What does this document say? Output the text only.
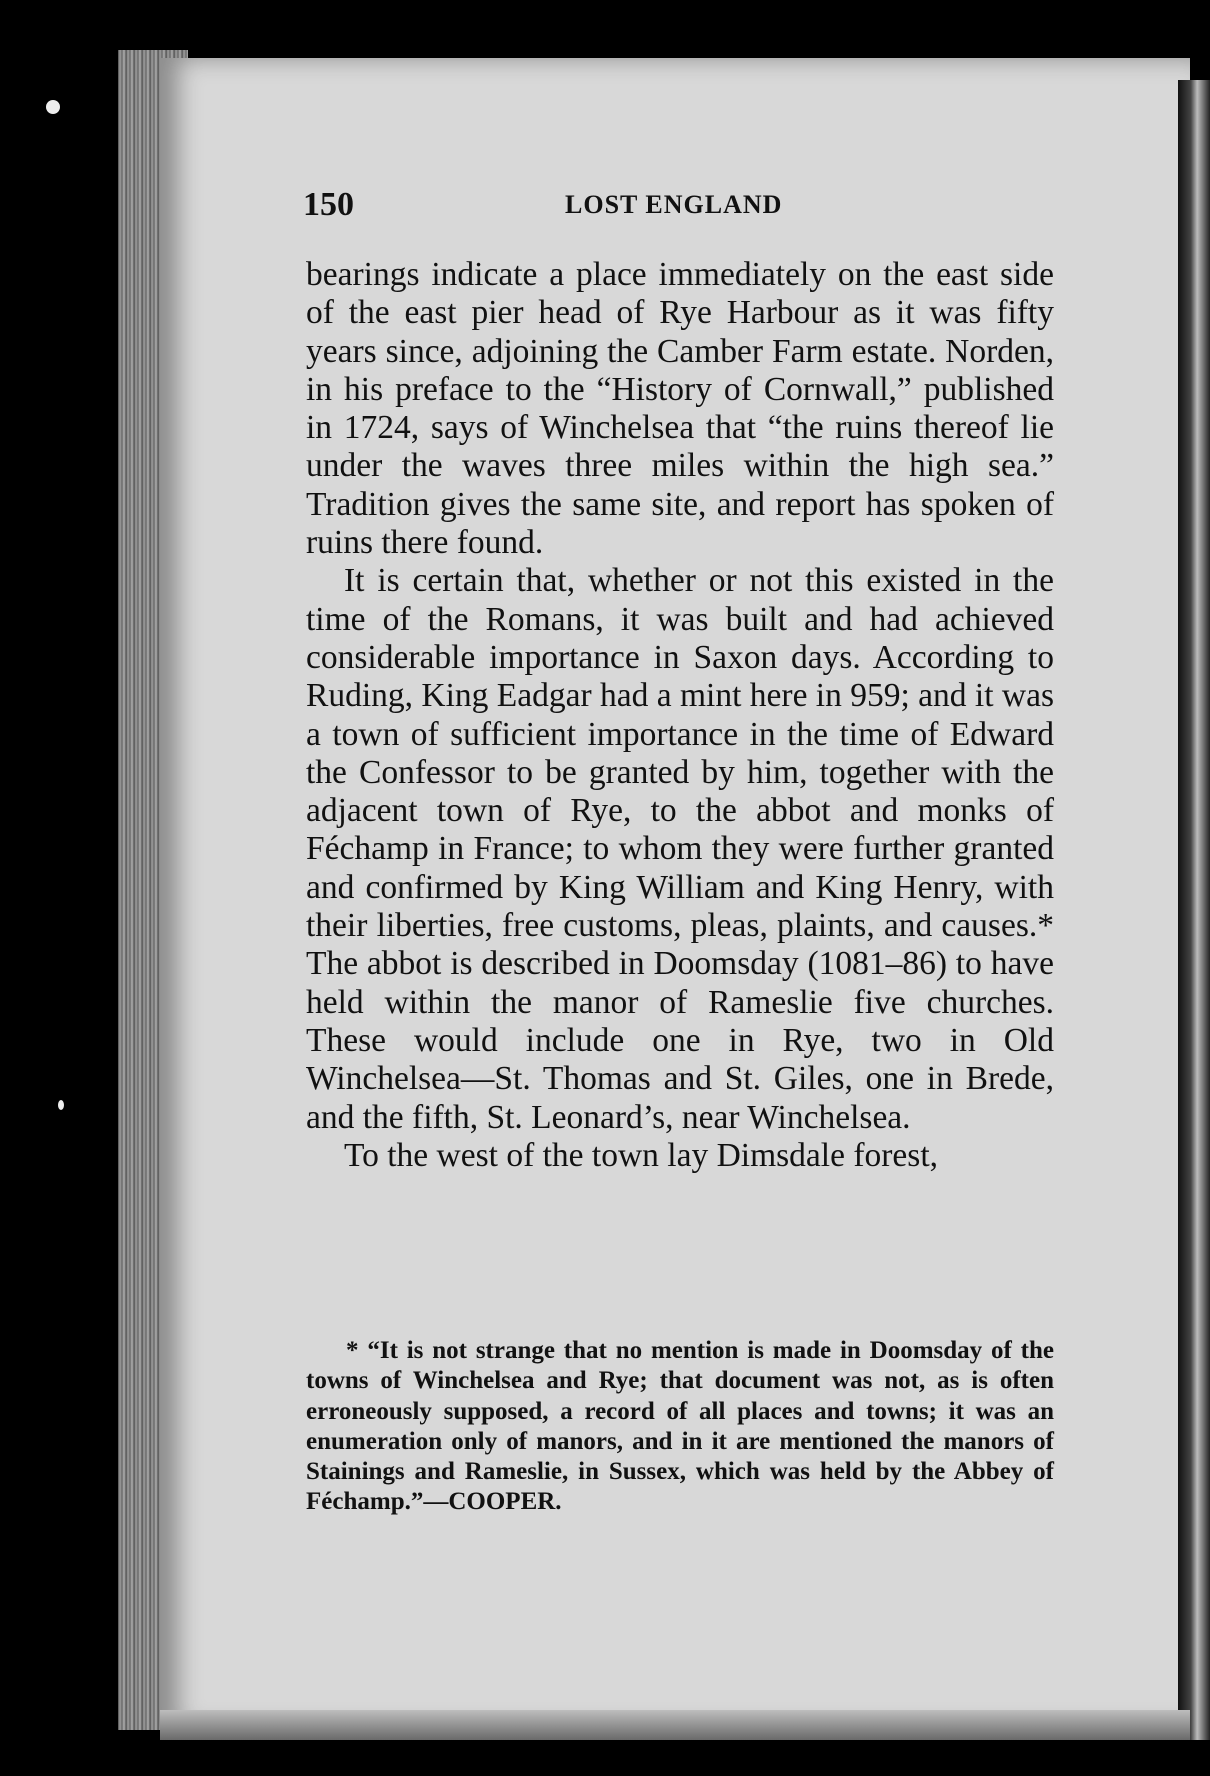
150	LOST ENGLAND

bearings indicate a place immediately on the east side of the east pier head of Rye Harbour as it was fifty years since, adjoining the Camber Farm estate. Norden, in his preface to the “History of Cornwall,” published in 1724, says of Winchelsea that “the ruins thereof lie under the waves three miles within the high sea.” Tradition gives the same site, and report has spoken of ruins there found.

It is certain that, whether or not this existed in the time of the Romans, it was built and had achieved considerable importance in Saxon days. According to Ruding, King Eadgar had a mint here in 959; and it was a town of sufficient importance in the time of Edward the Confessor to be granted by him, together with the adjacent town of Rye, to the abbot and monks of Féchamp in France; to whom they were further granted and confirmed by King William and King Henry, with their liberties, free customs, pleas, plaints, and causes.* The abbot is described in Doomsday (1081–86) to have held within the manor of Rameslie five churches. These would include one in Rye, two in Old Winchelsea—St. Thomas and St. Giles, one in Brede, and the fifth, St. Leonard’s, near Winchelsea.

To the west of the town lay Dimsdale forest,

* “It is not strange that no mention is made in Doomsday of the towns of Winchelsea and Rye; that document was not, as is often erroneously supposed, a record of all places and towns; it was an enumeration only of manors, and in it are mentioned the manors of Stainings and Rameslie, in Sussex, which was held by the Abbey of Féchamp.”—COOPER.
